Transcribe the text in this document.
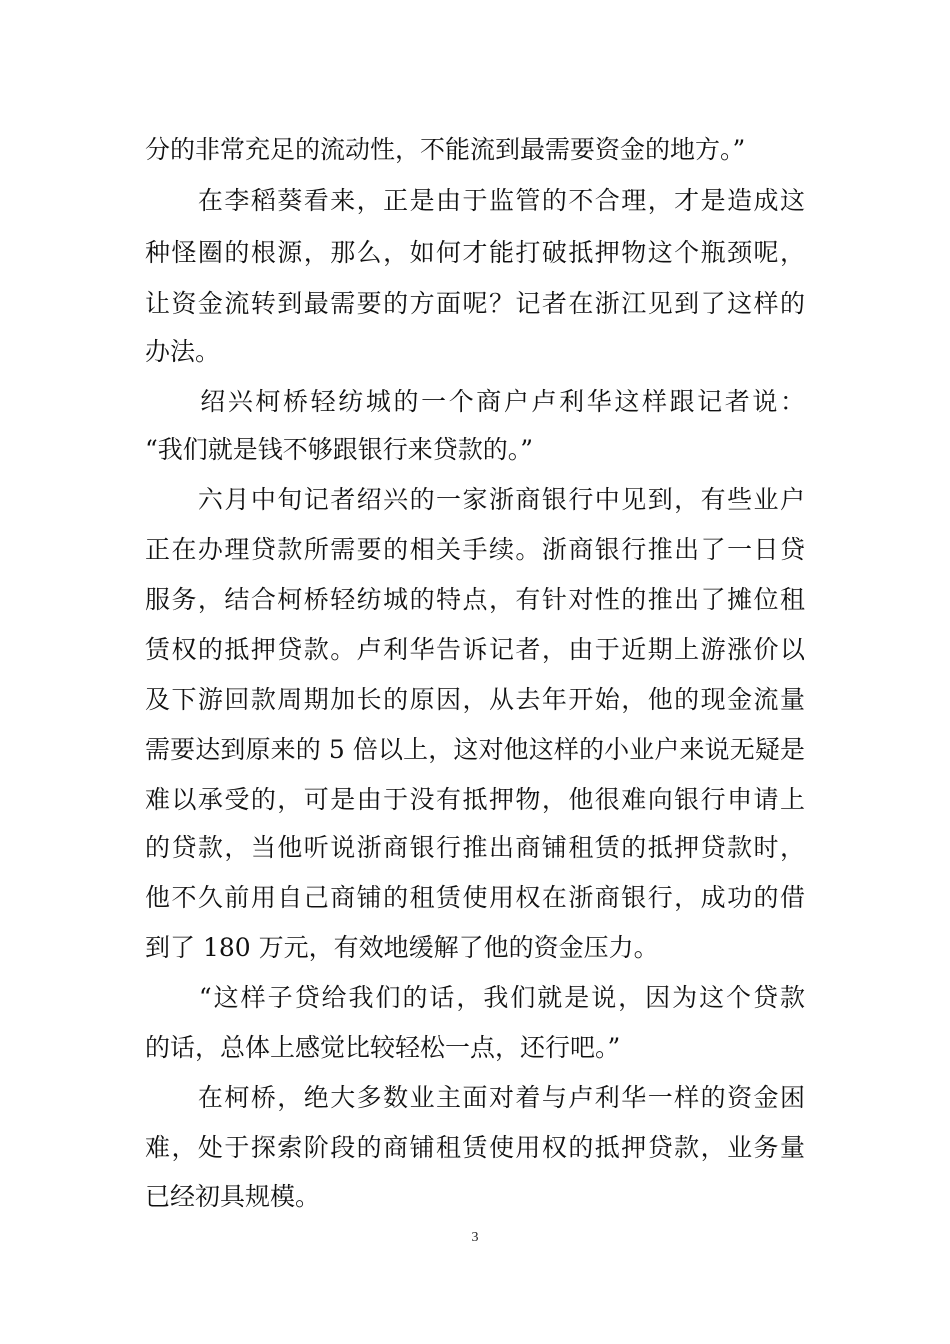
分的非常充足的流动性，不能流到最需要资金的地方。”
　　在李稻葵看来，正是由于监管的不合理，才是造成这
种怪圈的根源，那么，如何才能打破抵押物这个瓶颈呢，
让资金流转到最需要的方面呢？记者在浙江见到了这样的
办法。
　　绍兴柯桥轻纺城的一个商户卢利华这样跟记者说：
“我们就是钱不够跟银行来贷款的。”
　　六月中旬记者绍兴的一家浙商银行中见到，有些业户
正在办理贷款所需要的相关手续。浙商银行推出了一日贷
服务，结合柯桥轻纺城的特点，有针对性的推出了摊位租
赁权的抵押贷款。卢利华告诉记者，由于近期上游涨价以
及下游回款周期加长的原因，从去年开始，他的现金流量
需要达到原来的 5 倍以上，这对他这样的小业户来说无疑是
难以承受的，可是由于没有抵押物，他很难向银行申请上
的贷款，当他听说浙商银行推出商铺租赁的抵押贷款时，
他不久前用自己商铺的租赁使用权在浙商银行，成功的借
到了 180 万元，有效地缓解了他的资金压力。
　　“这样子贷给我们的话，我们就是说，因为这个贷款
的话，总体上感觉比较轻松一点，还行吧。”
　　在柯桥，绝大多数业主面对着与卢利华一样的资金困
难，处于探索阶段的商铺租赁使用权的抵押贷款，业务量
已经初具规模。
3
